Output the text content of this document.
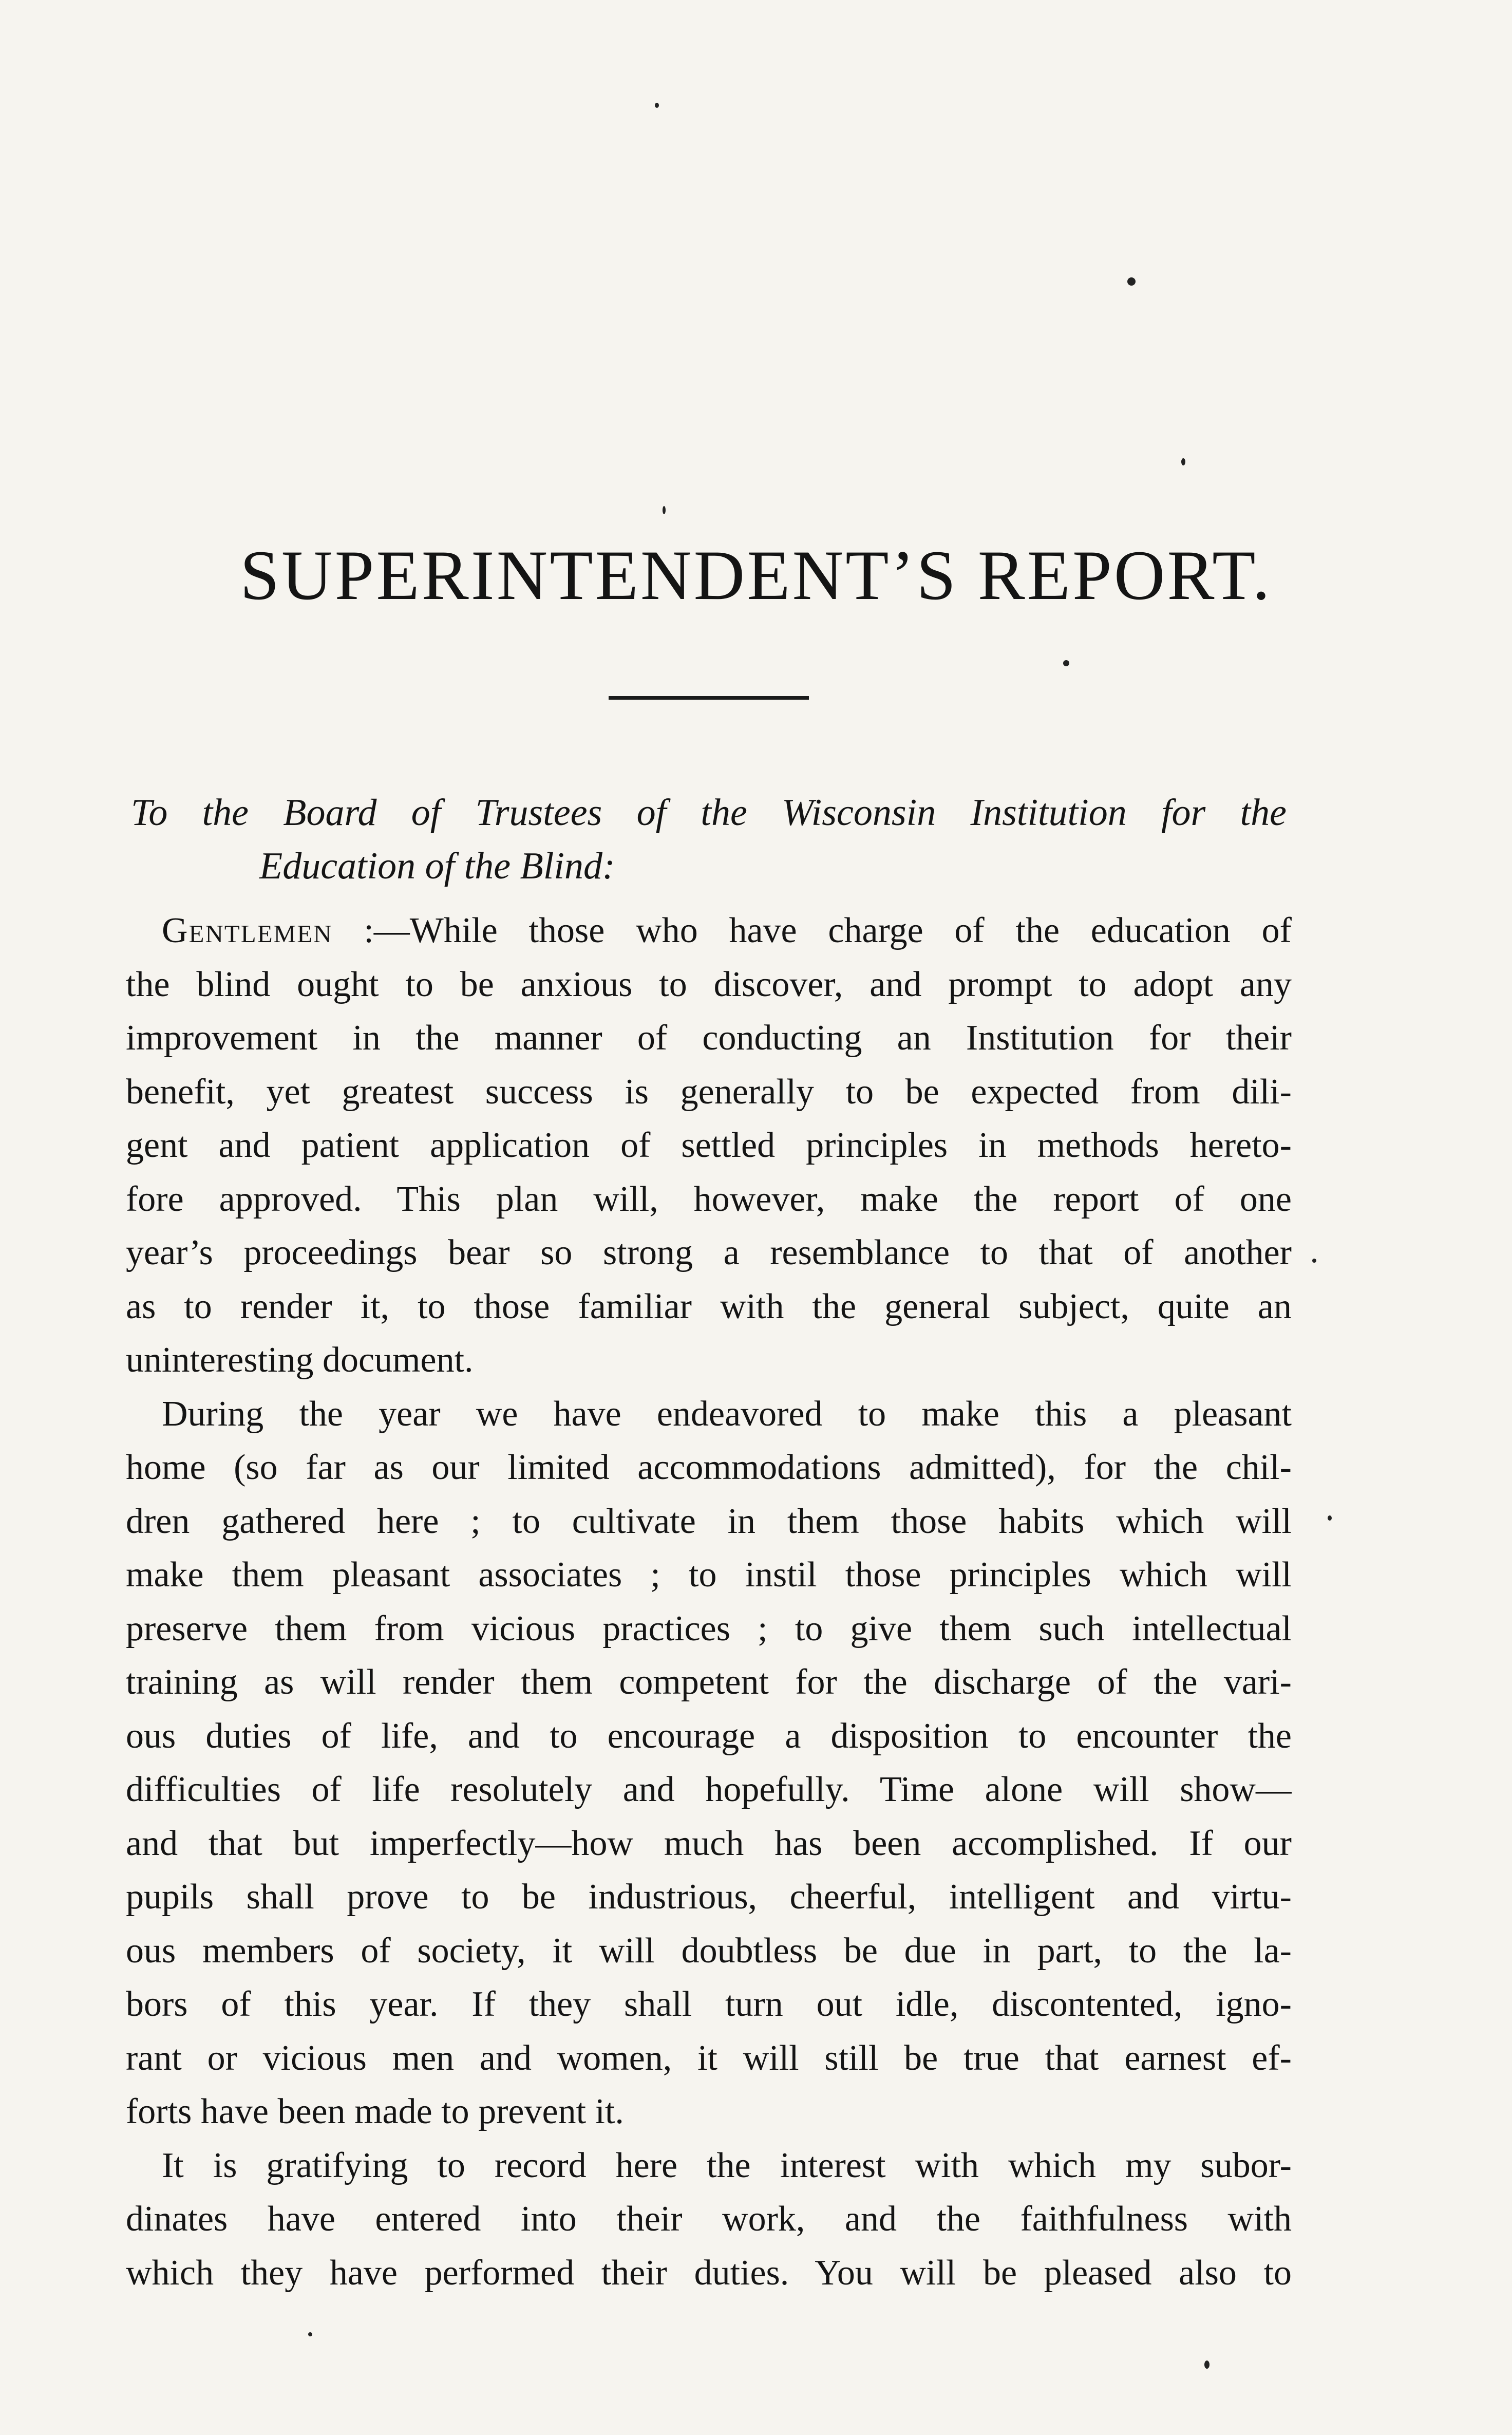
SUPERINTENDENT’S REPORT.
To the Board of Trustees of the Wisconsin Institution for the
Education of the Blind:
Gentlemen :—While those who have charge of the education of
the blind ought to be anxious to discover, and prompt to adopt any
improvement in the manner of conducting an Institution for their
benefit, yet greatest success is generally to be expected from dili-
gent and patient application of settled principles in methods hereto-
fore approved. This plan will, however, make the report of one
year’s proceedings bear so strong a resemblance to that of another
as to render it, to those familiar with the general subject, quite an
uninteresting document.
During the year we have endeavored to make this a pleasant
home (so far as our limited accommodations admitted), for the chil-
dren gathered here ; to cultivate in them those habits which will
make them pleasant associates ; to instil those principles which will
preserve them from vicious practices ; to give them such intellectual
training as will render them competent for the discharge of the vari-
ous duties of life, and to encourage a disposition to encounter the
difficulties of life resolutely and hopefully. Time alone will show—
and that but imperfectly—how much has been accomplished. If our
pupils shall prove to be industrious, cheerful, intelligent and virtu-
ous members of society, it will doubtless be due in part, to the la-
bors of this year. If they shall turn out idle, discontented, igno-
rant or vicious men and women, it will still be true that earnest ef-
forts have been made to prevent it.
It is gratifying to record here the interest with which my subor-
dinates have entered into their work, and the faithfulness with
which they have performed their duties. You will be pleased also to
